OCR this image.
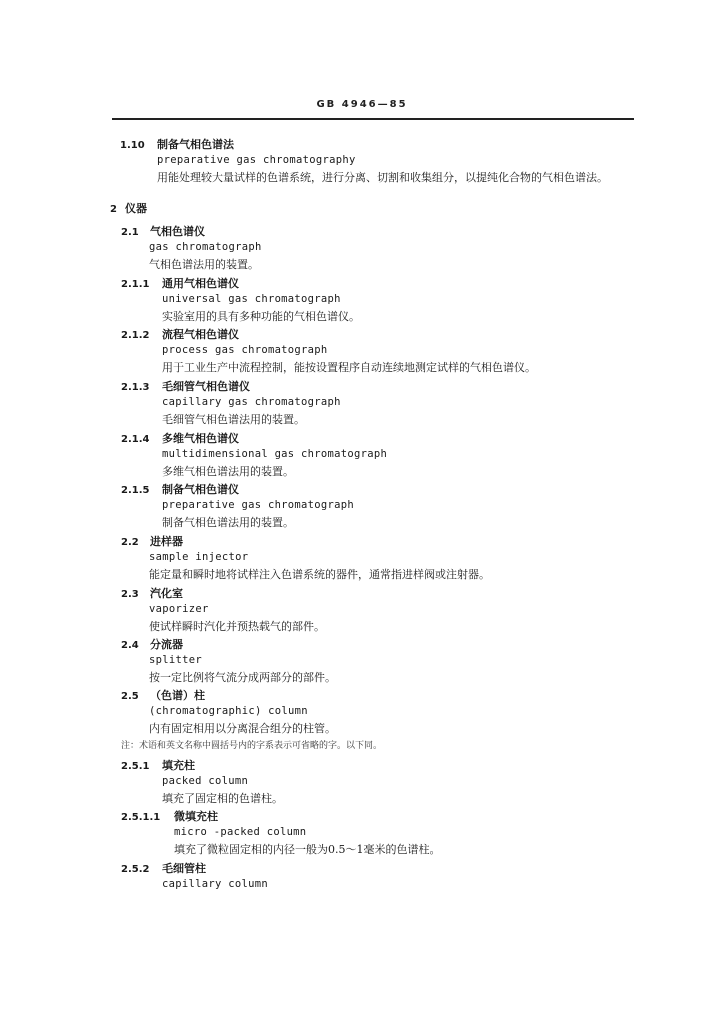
GB 4946—85
1.10 制备气相色谱法
preparative gas chromatography
用能处理较大量试样的色谱系统，进行分离、切割和收集组分，以提纯化合物的气相色谱法。
2 仪器
2.1 气相色谱仪
gas chromatograph
气相色谱法用的装置。
2.1.1 通用气相色谱仪
universal gas chromatograph
实验室用的具有多种功能的气相色谱仪。
2.1.2 流程气相色谱仪
process gas chromatograph
用于工业生产中流程控制，能按设置程序自动连续地测定试样的气相色谱仪。
2.1.3 毛细管气相色谱仪
capillary gas chromatograph
毛细管气相色谱法用的装置。
2.1.4 多维气相色谱仪
multidimensional gas chromatograph
多维气相色谱法用的装置。
2.1.5 制备气相色谱仪
preparative gas chromatograph
制备气相色谱法用的装置。
2.2 进样器
sample injector
能定量和瞬时地将试样注入色谱系统的器件，通常指进样阀或注射器。
2.3 汽化室
vaporizer
使试样瞬时汽化并预热载气的部件。
2.4 分流器
splitter
按一定比例将气流分成两部分的部件。
2.5 （色谱）柱
(chromatographic) column
内有固定相用以分离混合组分的柱管。
注：术语和英文名称中圆括号内的字系表示可省略的字。以下同。
2.5.1 填充柱
packed column
填充了固定相的色谱柱。
2.5.1.1 微填充柱
micro -packed column
填充了微粒固定相的内径一般为0.5～1毫米的色谱柱。
2.5.2 毛细管柱
capillary column
